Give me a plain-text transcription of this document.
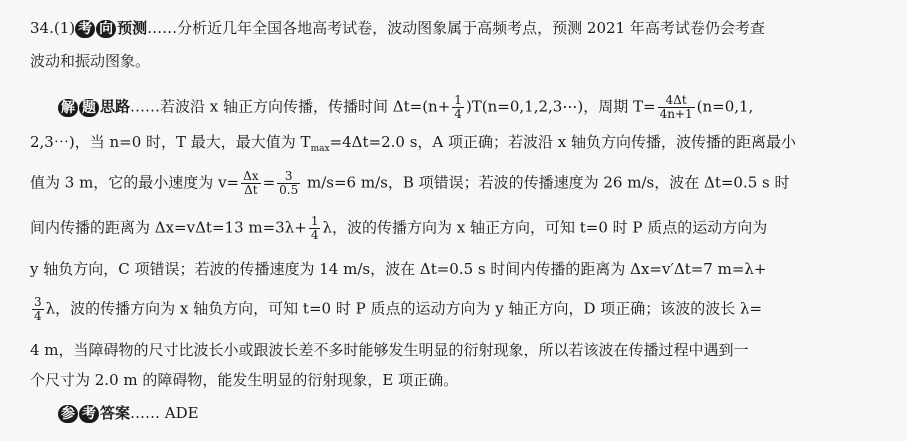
34.(1) 考 向 预测……分析近几年全国各地高考试卷，波动图象属于高频考点，预测 2021 年高考试卷仍会考查
波动和振动图象。
解 题 思路……若波沿 x 轴正方向传播，传播时间 $\Delta t=(n+ \frac{1}{4}$ )T(n=0,1,2,3⋯)，周期 $T= \frac{4\Delta t}{4n+1} (n=0,1$,
2,3⋯)，当 n=0 时，T 最大，最大值为 $T_{max}=4\Delta t=2.0$ s，A 项正确；若波沿 x 轴负方向传播，波传播的距离最小
值为 3 m，它的最小速度为 $v= \frac{\Delta x}{\Delta t} = \frac{3}{0.5} m/s=6$ m/s，B 项错误；若波的传播速度为 26 m/s，波在 Δt=0.5 s 时
间内传播的距离为 Δx=vΔt=13 $m=3\lambda+ \frac{1}{4}$ λ，波的传播方向为 x 轴正方向，可知 t=0 时 P 质点的运动方向为
y 轴负方向，C 项错误；若波的传播速度为 14 m/s，波在 Δt=0.5 s 时间内传播的距离为 Δx=v′Δt=7 m=λ+
$\frac{3}{4}$ λ，波的传播方向为 x 轴负方向，可知 t=0 时 P 质点的运动方向为 y 轴正方向，D 项正确；该波的波长 λ=
4 m，当障碍物的尺寸比波长小或跟波长差不多时能够发生明显的衍射现象，所以若该波在传播过程中遇到一
个尺寸为 2.0 m 的障碍物，能发生明显的衍射现象，E 项正确。
参 考 答案…… ADE
